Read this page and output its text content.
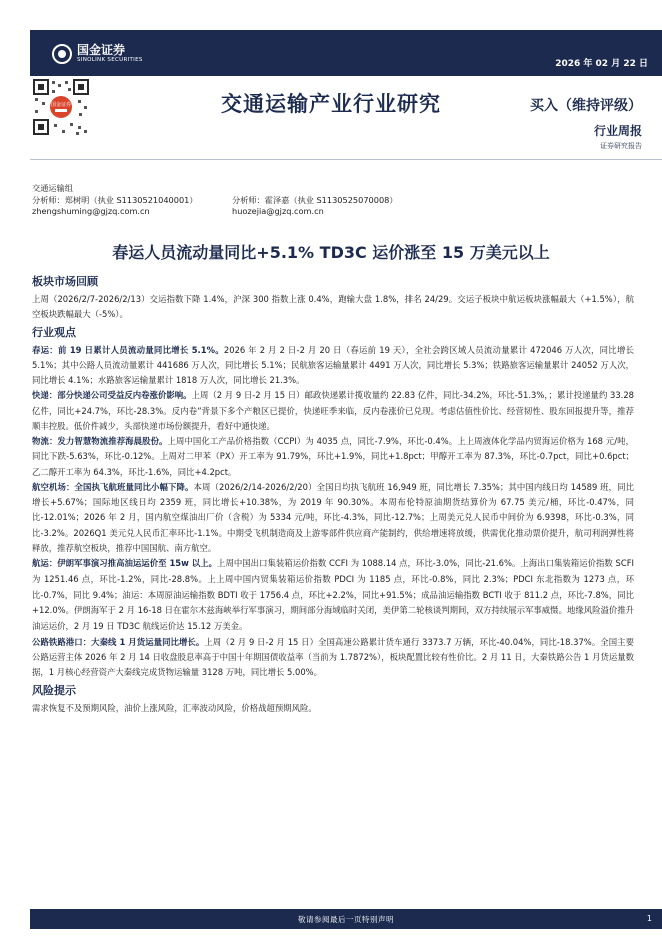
国金证券
SINOLINK SECURITIES	2026 年 02 月 22 日
国金证券	交通运输产业行业研究	买入（维持评级）
行业周报
证券研究报告
交通运输组
分析师：郑树明（执业 S1130521040001）	分析师：霍泽嘉（执业 S1130525070008）
zhengshuming@gjzq.com.cn	huozejia@gjzq.com.cn
春运人员流动量同比+5.1% TD3C 运价涨至 15 万美元以上
板块市场回顾

上周（2026/2/7-2026/2/13）交运指数下降 1.4%，沪深 300 指数上涨 0.4%，跑输大盘 1.8%，排名 24/29。交运子板块中航运板块涨幅最大（+1.5%），航空板块跌幅最大（-5%）。

行业观点

春运：前 19 日累计人员流动量同比增长 5.1%。2026 年 2 月 2 日-2 月 20 日（春运前 19 天），全社会跨区域人员流动量累计 472046 万人次，同比增长 5.1%；其中公路人员流动量累计 441686 万人次，同比增长 5.1%；民航旅客运输量累计 4491 万人次，同比增长 5.3%；铁路旅客运输量累计 24052 万人次，同比增长 4.1%；水路旅客运输量累计 1818 万人次，同比增长 21.3%。

快递：部分快递公司受益反内卷涨价影响。上周（2 月 9 日-2 月 15 日）邮政快递累计揽收量约 22.83 亿件，同比-34.2%，环比-51.3%，；累计投递量约 33.28 亿件，同比+24.7%，环比-28.3%。反内卷”背景下多个产粮区已提价，快递旺季来临，反内卷涨价已兑现。考虑估值性价比、经营韧性、股东回报提升等，推荐顺丰控股。低价件减少，头部快递市场份额提升，看好中通快递。

物流：发力智慧物流推荐海晨股份。上周中国化工产品价格指数（CCPI）为 4035 点，同比-7.9%，环比-0.4%。上上周液体化学品内贸海运价格为 168 元/吨，同比下跌-5.63%，环比-0.12%。上周对二甲苯（PX）开工率为 91.79%，环比+1.9%，同比+1.8pct；甲醇开工率为 87.3%，环比-0.7pct，同比+0.6pct；乙二醇开工率为 64.3%，环比-1.6%，同比+4.2pct。

航空机场：全国执飞航班量同比小幅下降。本周（2026/2/14-2026/2/20）全国日均执飞航班 16,949 班，同比增长 7.35%；其中国内线日均 14589 班，同比增长+5.67%；国际地区线日均 2359 班，同比增长+10.38%，为 2019 年 90.30%。本周布伦特原油期货结算价为 67.75 美元/桶，环比-0.47%，同比-12.01%；2026 年 2 月，国内航空煤油出厂价（含税）为 5334 元/吨，环比-4.3%，同比-12.7%；上周美元兑人民币中间价为 6.9398，环比-0.3%，同比-3.2%。2026Q1 美元兑人民币汇率环比-1.1%。中期受飞机制造商及上游零部件供应商产能制约，供给增速将放缓，供需优化推动票价提升，航司利润弹性将释放，推荐航空板块，推荐中国国航、南方航空。

航运：伊朗军事演习推高油运运价至 15w 以上。上周中国出口集装箱运价指数 CCFI 为 1088.14 点，环比-3.0%，同比-21.6%。上海出口集装箱运价指数 SCFI 为 1251.46 点，环比-1.2%，同比-28.8%。上上周中国内贸集装箱运价指数 PDCI 为 1185 点，环比-0.8%，同比 2.3%；PDCI 东北指数为 1273 点，环比-0.7%，同比 9.4%；油运：本周原油运输指数 BDTI 收于 1756.4 点，环比+2.2%，同比+91.5%；成品油运输指数 BCTI 收于 811.2 点，环比-7.8%，同比+12.0%。伊朗海军于 2 月 16-18 日在霍尔木兹海峡举行军事演习，期间部分海域临时关闭，美伊第二轮核谈判期间，双方持续展示军事威慑。地缘风险溢价推升油运运价，2 月 19 日 TD3C 航线运价达 15.12 万美金。

公路铁路港口：大秦线 1 月货运量同比增长。上周（2 月 9 日-2 月 15 日）全国高速公路累计货车通行 3373.7 万辆，环比-40.04%，同比-18.37%。全国主要公路运营主体 2026 年 2 月 14 日收盘股息率高于中国十年期国债收益率（当前为 1.7872%），板块配置比较有性价比。2 月 11 日，大秦铁路公告 1 月货运量数据，1 月核心经营资产大秦线完成货物运输量 3128 万吨，同比增长 5.00%。

风险提示

需求恢复不及预期风险，油价上涨风险，汇率波动风险，价格战超预期风险。

敬请参阅最后一页特别声明	1
